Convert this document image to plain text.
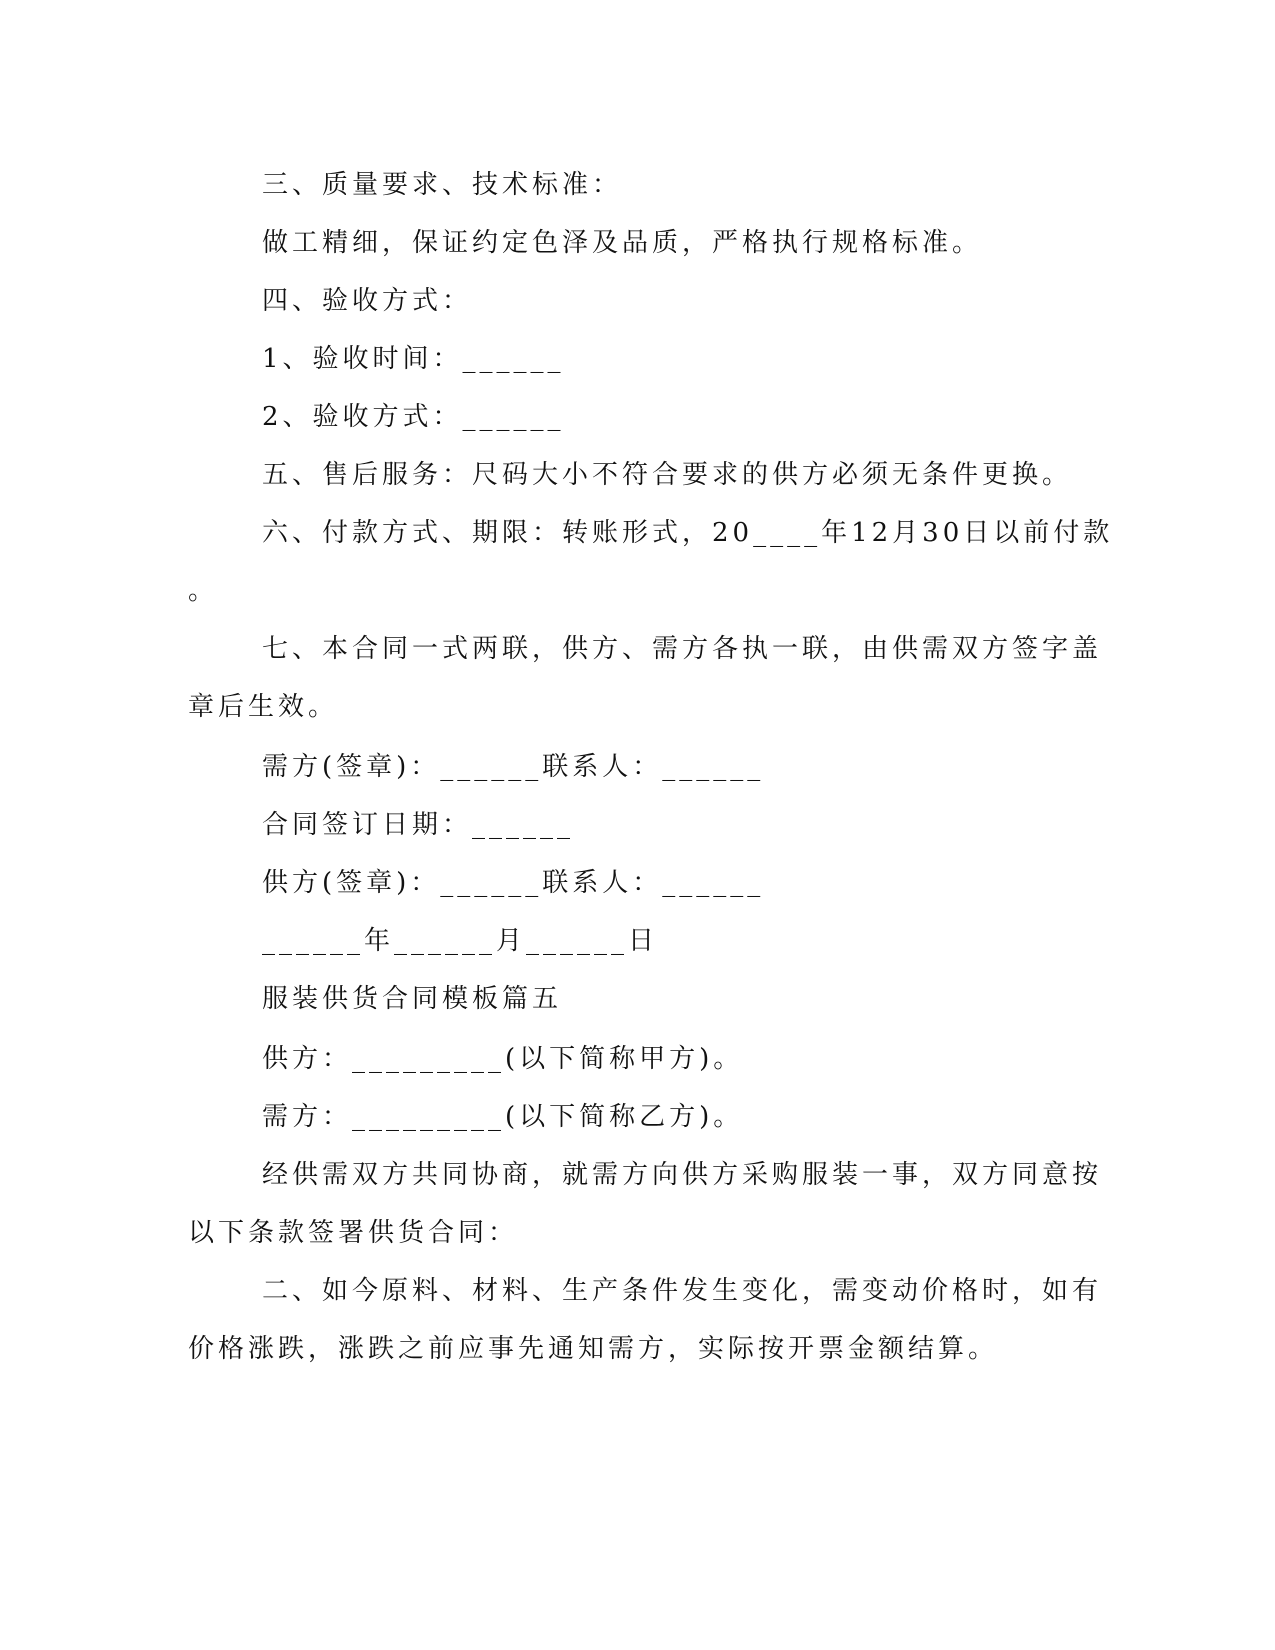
三、质量要求、技术标准：
做工精细，保证约定色泽及品质，严格执行规格标准。
四、验收方式：
1、验收时间：______
2、验收方式：______
五、售后服务：尺码大小不符合要求的供方必须无条件更换。
六、付款方式、期限：转账形式，20____年12月30日以前付款
。
七、本合同一式两联，供方、需方各执一联，由供需双方签字盖
章后生效。
需方(签章)：______联系人：______
合同签订日期：______
供方(签章)：______联系人：______
______年______月______日
服装供货合同模板篇五
供方：_________(以下简称甲方)。
需方：_________(以下简称乙方)。
经供需双方共同协商，就需方向供方采购服装一事，双方同意按
以下条款签署供货合同：
二、如今原料、材料、生产条件发生变化，需变动价格时，如有
价格涨跌，涨跌之前应事先通知需方，实际按开票金额结算。
